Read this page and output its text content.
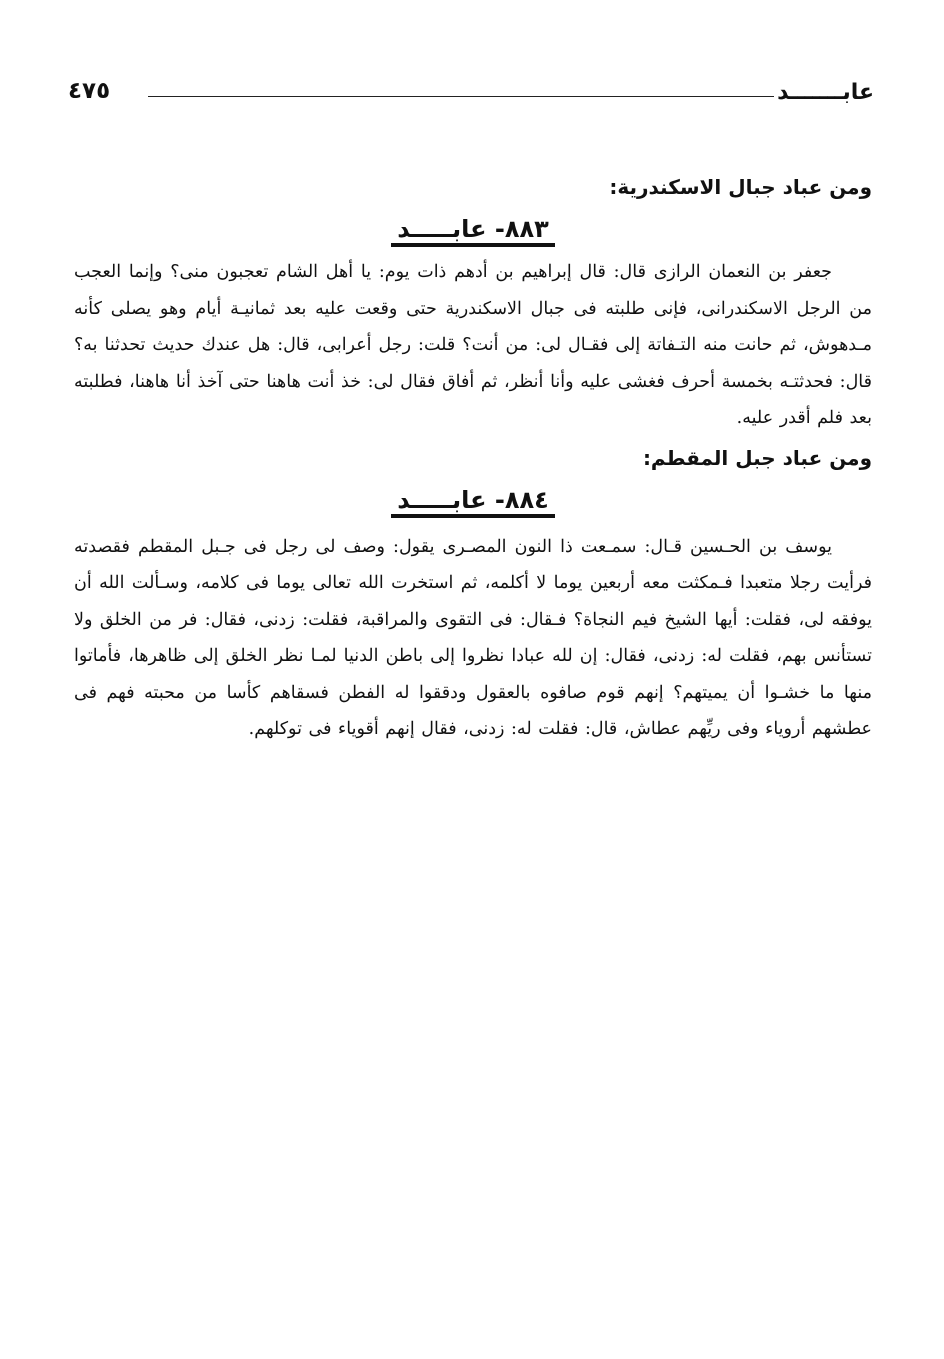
عابـــــــد
٤٧٥
ومن عباد جبال الاسكندرية:
٨٨٣- عابـــــد

جعفر بن النعمان الرازى قال: قال إبراهيم بن أدهم ذات يوم: يا أهل الشام تعجبون منى؟ وإنما العجب من الرجل الاسكندرانى، فإنى طلبته فى جبال الاسكندرية حتى وقعت عليه بعد ثمانيـة أيام وهو يصلى كأنه مـدهوش، ثم حانت منه التـفاتة إلى فقـال لى: من أنت؟ قلت: رجل أعرابى، قال: هل عندك حديث تحدثنا به؟ قال: فحدثتـه بخمسة أحرف فغشى عليه وأنا أنظر، ثم أفاق فقال لى: خذ أنت هاهنا حتى آخذ أنا هاهنا، فطلبته بعد فلم أقدر عليه.

ومن عباد جبل المقطم:
٨٨٤- عابـــــد

يوسف بن الحـسين قـال: سمـعت ذا النون المصـرى يقول: وصف لى رجل فى جـبل المقطم فقصدته فرأيت رجلا متعبدا فـمكثت معه أربعين يوما لا أكلمه، ثم استخرت الله تعالى يوما فى كلامه، وسـألت الله أن يوفقه لى، فقلت: أيها الشيخ فيم النجاة؟ فـقال: فى التقوى والمراقبة، فقلت: زدنى، فقال: فر من الخلق ولا تستأنس بهم، فقلت له: زدنى، فقال: إن لله عبادا نظروا إلى باطن الدنيا لمـا نظر الخلق إلى ظاهرها، فأماتوا منها ما خشـوا أن يميتهم؟ إنهم قوم صافوه بالعقول ودققوا له الفطن فسقاهم كأسا من محبته فهم فى عطشهم أروياء وفى ريِّهم عطاش، قال: فقلت له: زدنى، فقال إنهم أقوياء فى توكلهم.
